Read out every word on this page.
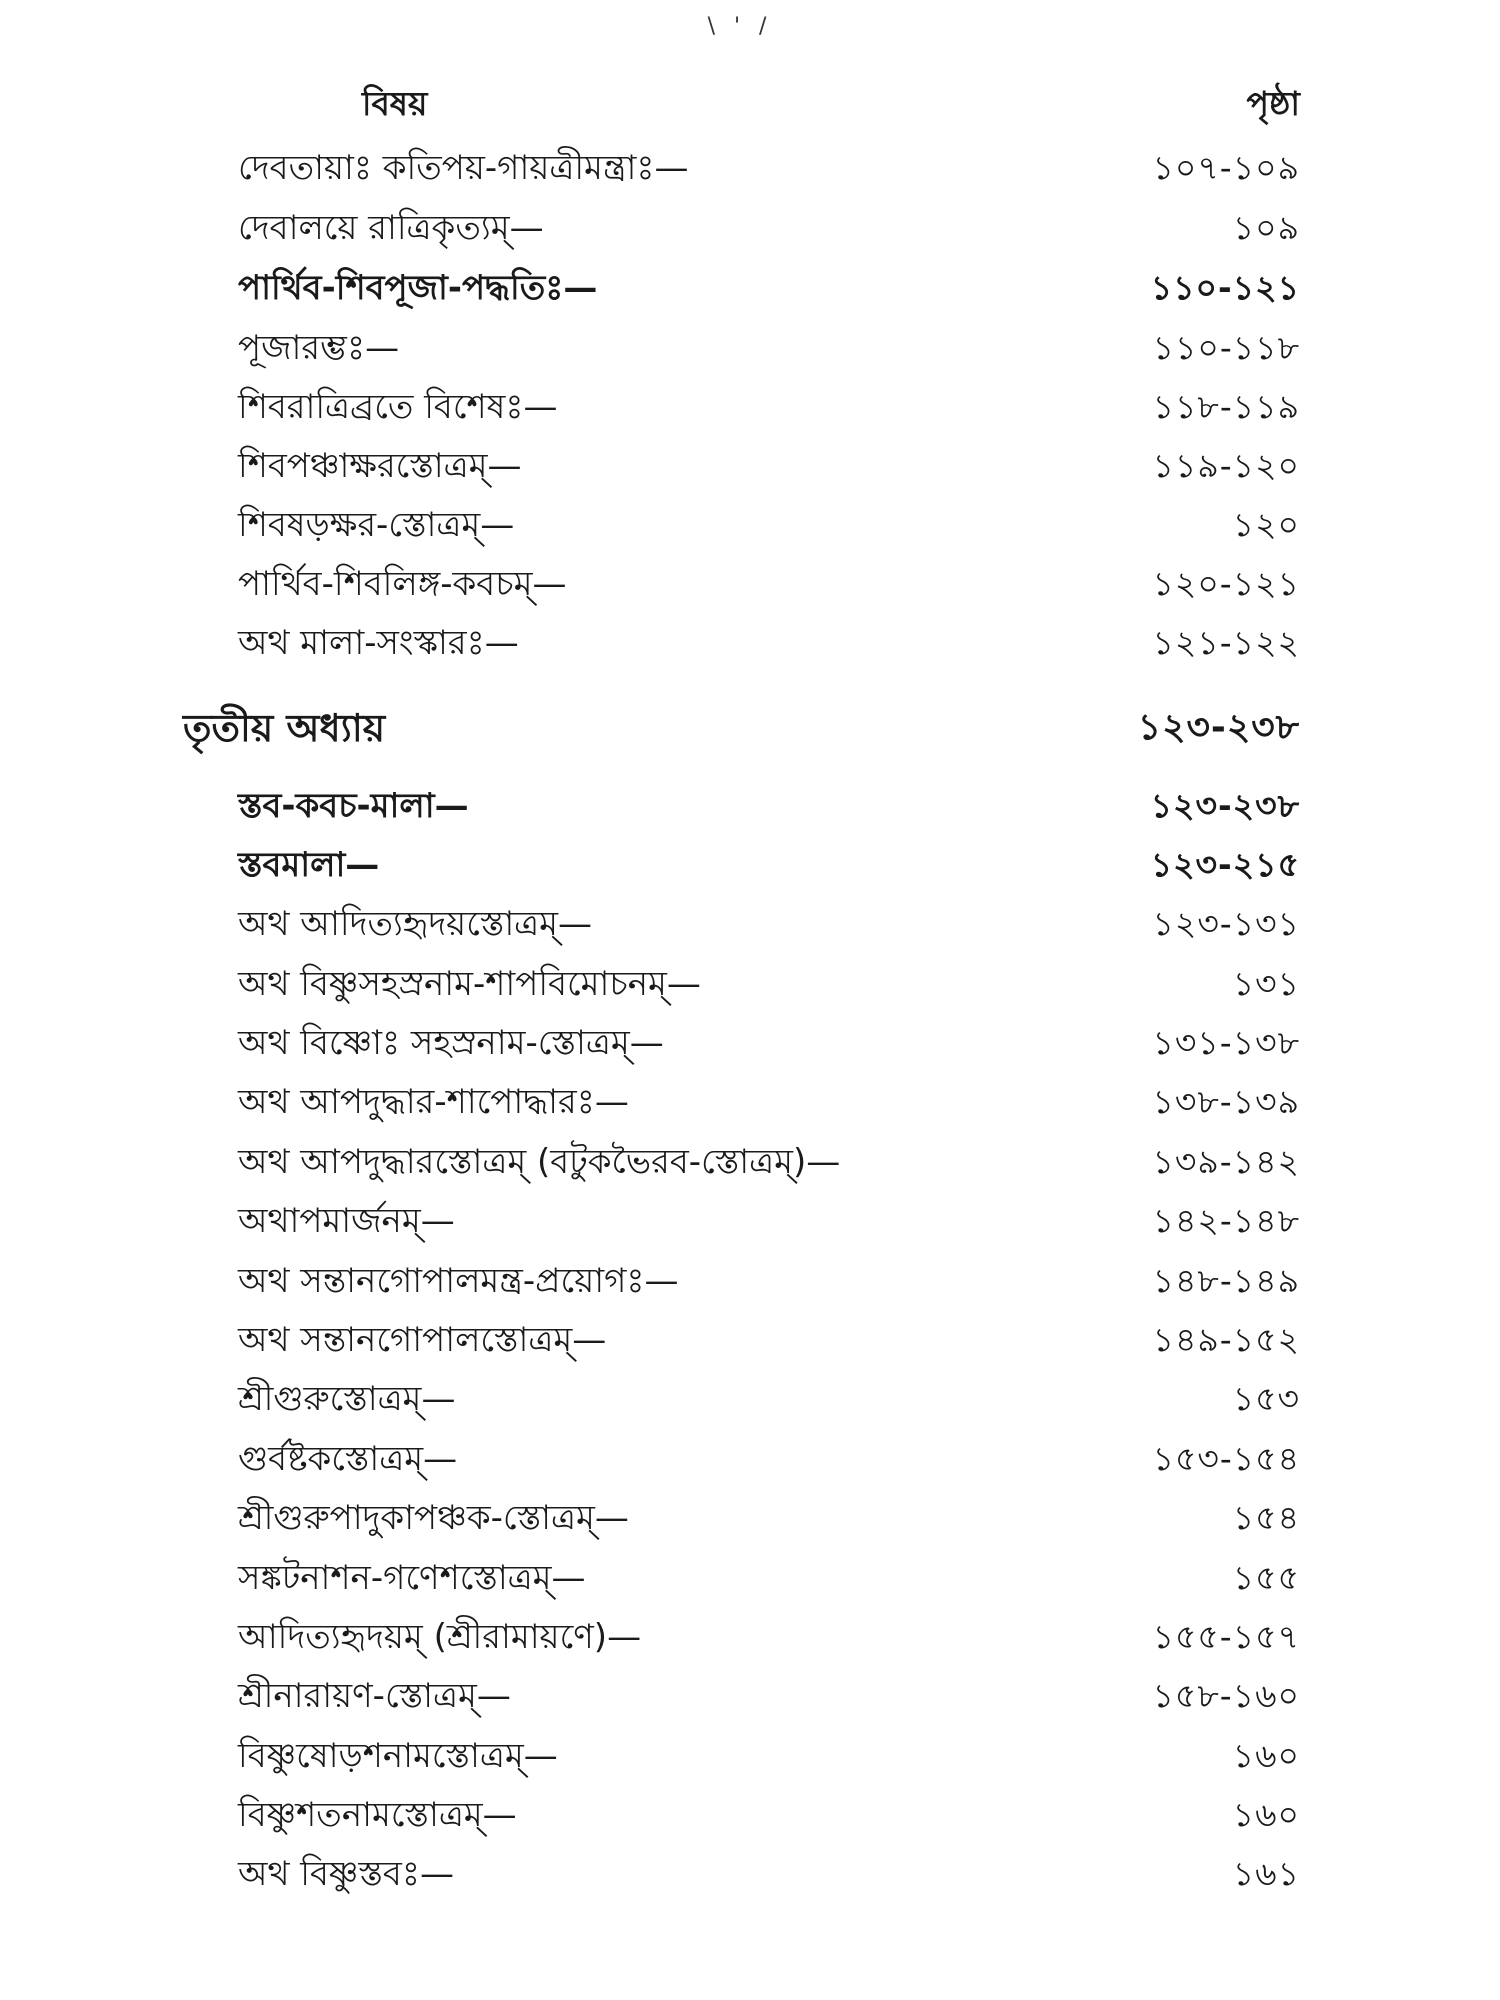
\ ' /
বিষয়	পৃষ্ঠা
দেবতায়াঃ কতিপয়-গায়ত্রীমন্ত্রাঃ—	১০৭-১০৯
দেবালয়ে রাত্রিকৃত্যম্—	১০৯
পার্থিব-শিবপূজা-পদ্ধতিঃ—	১১০-১২১
পূজারম্ভঃ—	১১০-১১৮
শিবরাত্রিব্রতে বিশেষঃ—	১১৮-১১৯
শিবপঞ্চাক্ষরস্তোত্রম্—	১১৯-১২০
শিবষড়ক্ষর-স্তোত্রম্—	১২০
পার্থিব-শিবলিঙ্গ-কবচম্—	১২০-১২১
অথ মালা-সংস্কারঃ—	১২১-১২২
তৃতীয় অধ্যায়	১২৩-২৩৮
স্তব-কবচ-মালা—	১২৩-২৩৮
স্তবমালা—	১২৩-২১৫
অথ আদিত্যহৃদয়স্তোত্রম্—	১২৩-১৩১
অথ বিষ্ণুসহস্রনাম-শাপবিমোচনম্—	১৩১
অথ বিষ্ণোঃ সহস্রনাম-স্তোত্রম্—	১৩১-১৩৮
অথ আপদুদ্ধার-শাপোদ্ধারঃ—	১৩৮-১৩৯
অথ আপদুদ্ধারস্তোত্রম্ (বটুকভৈরব-স্তোত্রম্)—	১৩৯-১৪২
অথাপমার্জনম্—	১৪২-১৪৮
অথ সন্তানগোপালমন্ত্র-প্রয়োগঃ—	১৪৮-১৪৯
অথ সন্তানগোপালস্তোত্রম্—	১৪৯-১৫২
শ্রীগুরুস্তোত্রম্—	১৫৩
গুর্বষ্টকস্তোত্রম্—	১৫৩-১৫৪
শ্রীগুরুপাদুকাপঞ্চক-স্তোত্রম্—	১৫৪
সঙ্কটনাশন-গণেশস্তোত্রম্—	১৫৫
আদিত্যহৃদয়ম্ (শ্রীরামায়ণে)—	১৫৫-১৫৭
শ্রীনারায়ণ-স্তোত্রম্—	১৫৮-১৬০
বিষ্ণুষোড়শনামস্তোত্রম্—	১৬০
বিষ্ণুশতনামস্তোত্রম্—	১৬০
অথ বিষ্ণুস্তবঃ—	১৬১
